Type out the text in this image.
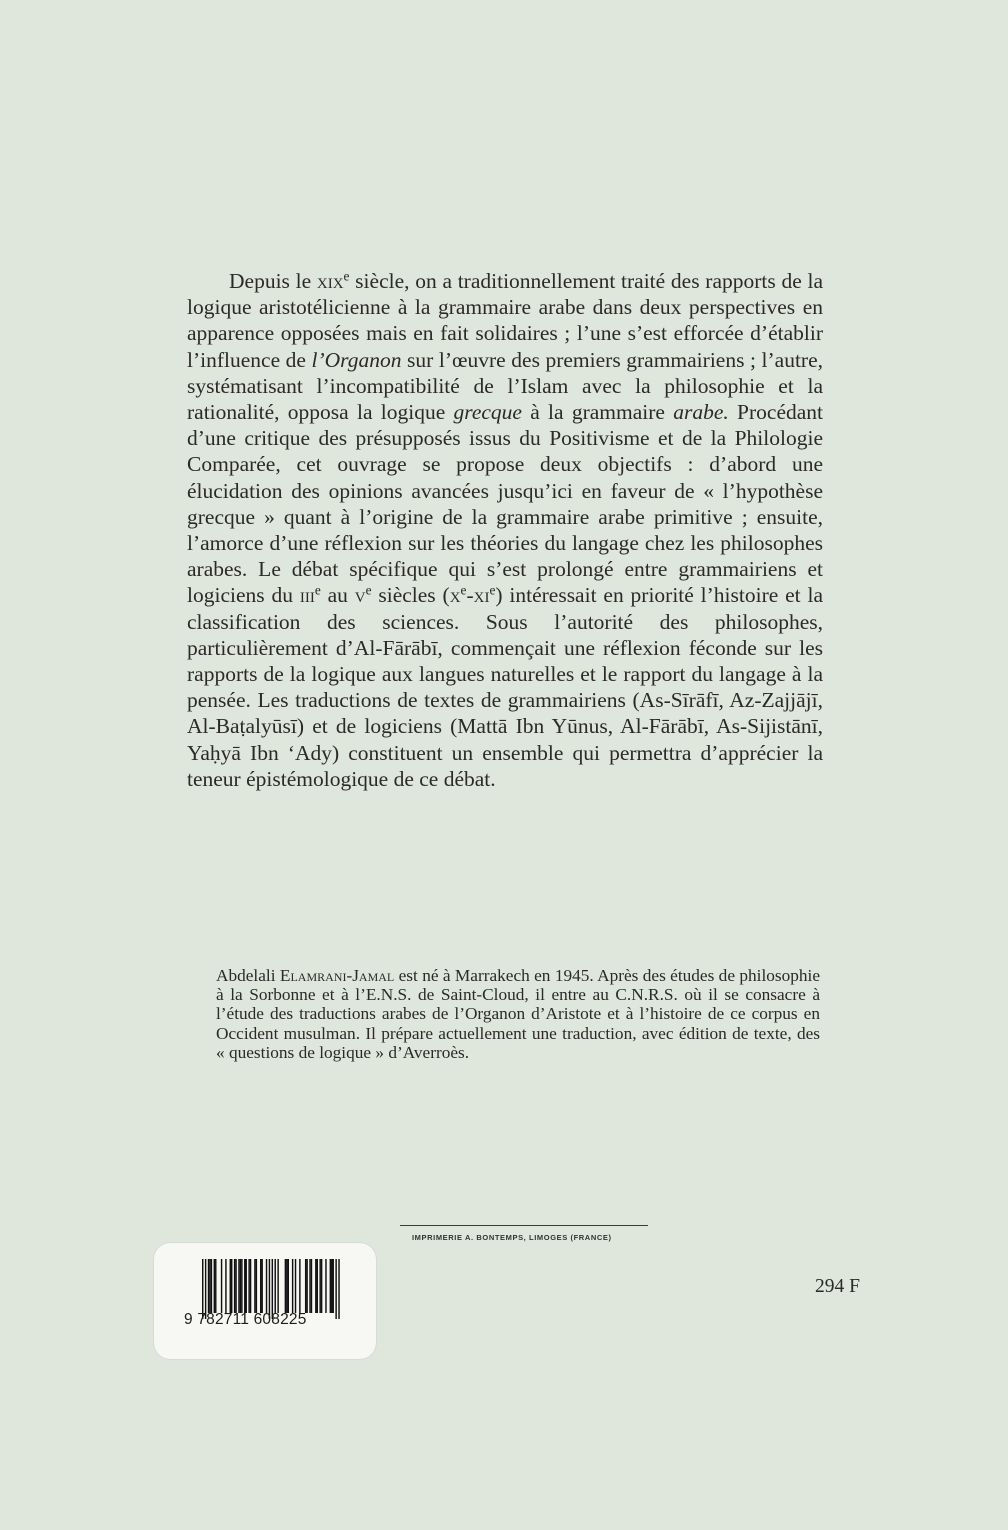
Depuis le xix$^e$ siècle, on a traditionnellement traité des rapports de la logique aristotélicienne à la grammaire arabe dans deux perspectives en apparence opposées mais en fait solidaires ; l’une s’est efforcée d’établir l’influence de l’Organon sur l’œuvre des premiers grammairiens ; l’autre, systématisant l’incompatibilité de l’Islam avec la philosophie et la rationalité, opposa la logique grecque à la grammaire arabe. Procédant d’une critique des présupposés issus du Positivisme et de la Philologie Comparée, cet ouvrage se propose deux objectifs : d’abord une élucidation des opinions avancées jusqu’ici en faveur de « l’hypothèse grecque » quant à l’origine de la grammaire arabe primitive ; ensuite, l’amorce d’une réflexion sur les théories du langage chez les philosophes arabes. Le débat spécifique qui s’est prolongé entre grammairiens et logiciens du iii$^e$ au $v^e$ siècles $(x^e-xi^e)$ intéressait en priorité l’histoire et la classification des sciences. Sous l’autorité des philosophes, particulièrement d’Al-Fārābī, commençait une réflexion féconde sur les rapports de la logique aux langues naturelles et le rapport du langage à la pensée. Les traductions de textes de grammairiens (As-Sīrāfī, Az-Zajjājī, Al-Baṭalyūsī) et de logiciens (Mattā Ibn Yūnus, Al-Fārābī, As-Sijistānī, Yaḥyā Ibn ‘Ady) constituent un ensemble qui permettra d’apprécier la teneur épistémologique de ce débat.

Abdelali Elamrani-Jamal est né à Marrakech en 1945. Après des études de philosophie à la Sorbonne et à l’E.N.S. de Saint-Cloud, il entre au C.N.R.S. où il se consacre à l’étude des traductions arabes de l’Organon d’Aristote et à l’histoire de ce corpus en Occident musulman. Il prépare actuellement une traduction, avec édition de texte, des « questions de logique » d’Averroès.

IMPRIMERIE A. BONTEMPS, LIMOGES (FRANCE)
294 F
9 782711 608225
